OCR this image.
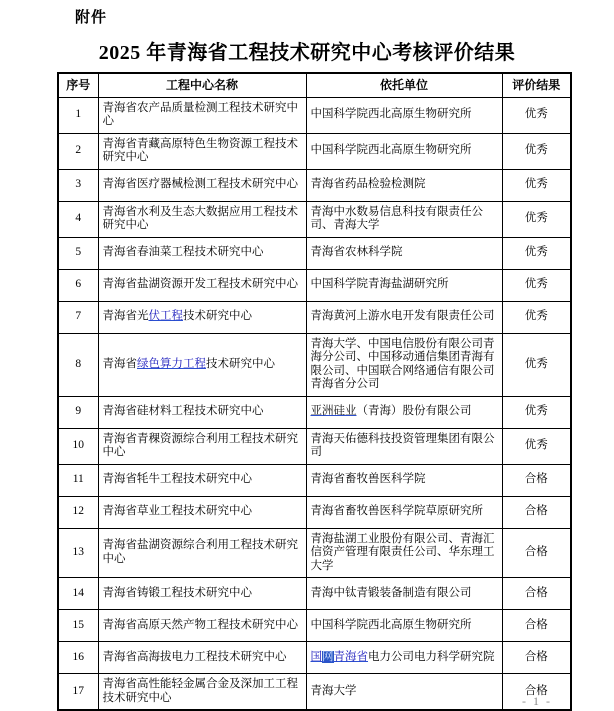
附件
2025 年青海省工程技术研究中心考核评价结果
序号	工程中心名称	依托单位	评价结果
1	青海省农产品质量检测工程技术研究中心	中国科学院西北高原生物研究所	优秀
2	青海省青藏高原特色生物资源工程技术研究中心	中国科学院西北高原生物研究所	优秀
3	青海省医疗器械检测工程技术研究中心	青海省药品检验检测院	优秀
4	青海省水利及生态大数据应用工程技术研究中心	青海中水数易信息科技有限责任公司、青海大学	优秀
5	青海省春油菜工程技术研究中心	青海省农林科学院	优秀
6	青海省盐湖资源开发工程技术研究中心	中国科学院青海盐湖研究所	优秀
7	青海省光伏工程技术研究中心	青海黄河上游水电开发有限责任公司	优秀
8	青海省绿色算力工程技术研究中心	青海大学、中国电信股份有限公司青海分公司、中国移动通信集团青海有限公司、中国联合网络通信有限公司青海省分公司	优秀
9	青海省硅材料工程技术研究中心	亚洲硅业（青海）股份有限公司	优秀
10	青海省青稞资源综合利用工程技术研究中心	青海天佑德科技投资管理集团有限公司	优秀
11	青海省牦牛工程技术研究中心	青海省畜牧兽医科学院	合格
12	青海省草业工程技术研究中心	青海省畜牧兽医科学院草原研究所	合格
13	青海省盐湖资源综合利用工程技术研究中心	青海盐湖工业股份有限公司、青海汇信资产管理有限责任公司、华东理工大学	合格
14	青海省铸锻工程技术研究中心	青海中钛青锻装备制造有限公司	合格
15	青海省高原天然产物工程技术研究中心	中国科学院西北高原生物研究所	合格
16	青海省高海拔电力工程技术研究中心	国网青海省电力公司电力科学研究院	合格
17	青海省高性能轻金属合金及深加工工程技术研究中心	青海大学	合格
- 1 -
